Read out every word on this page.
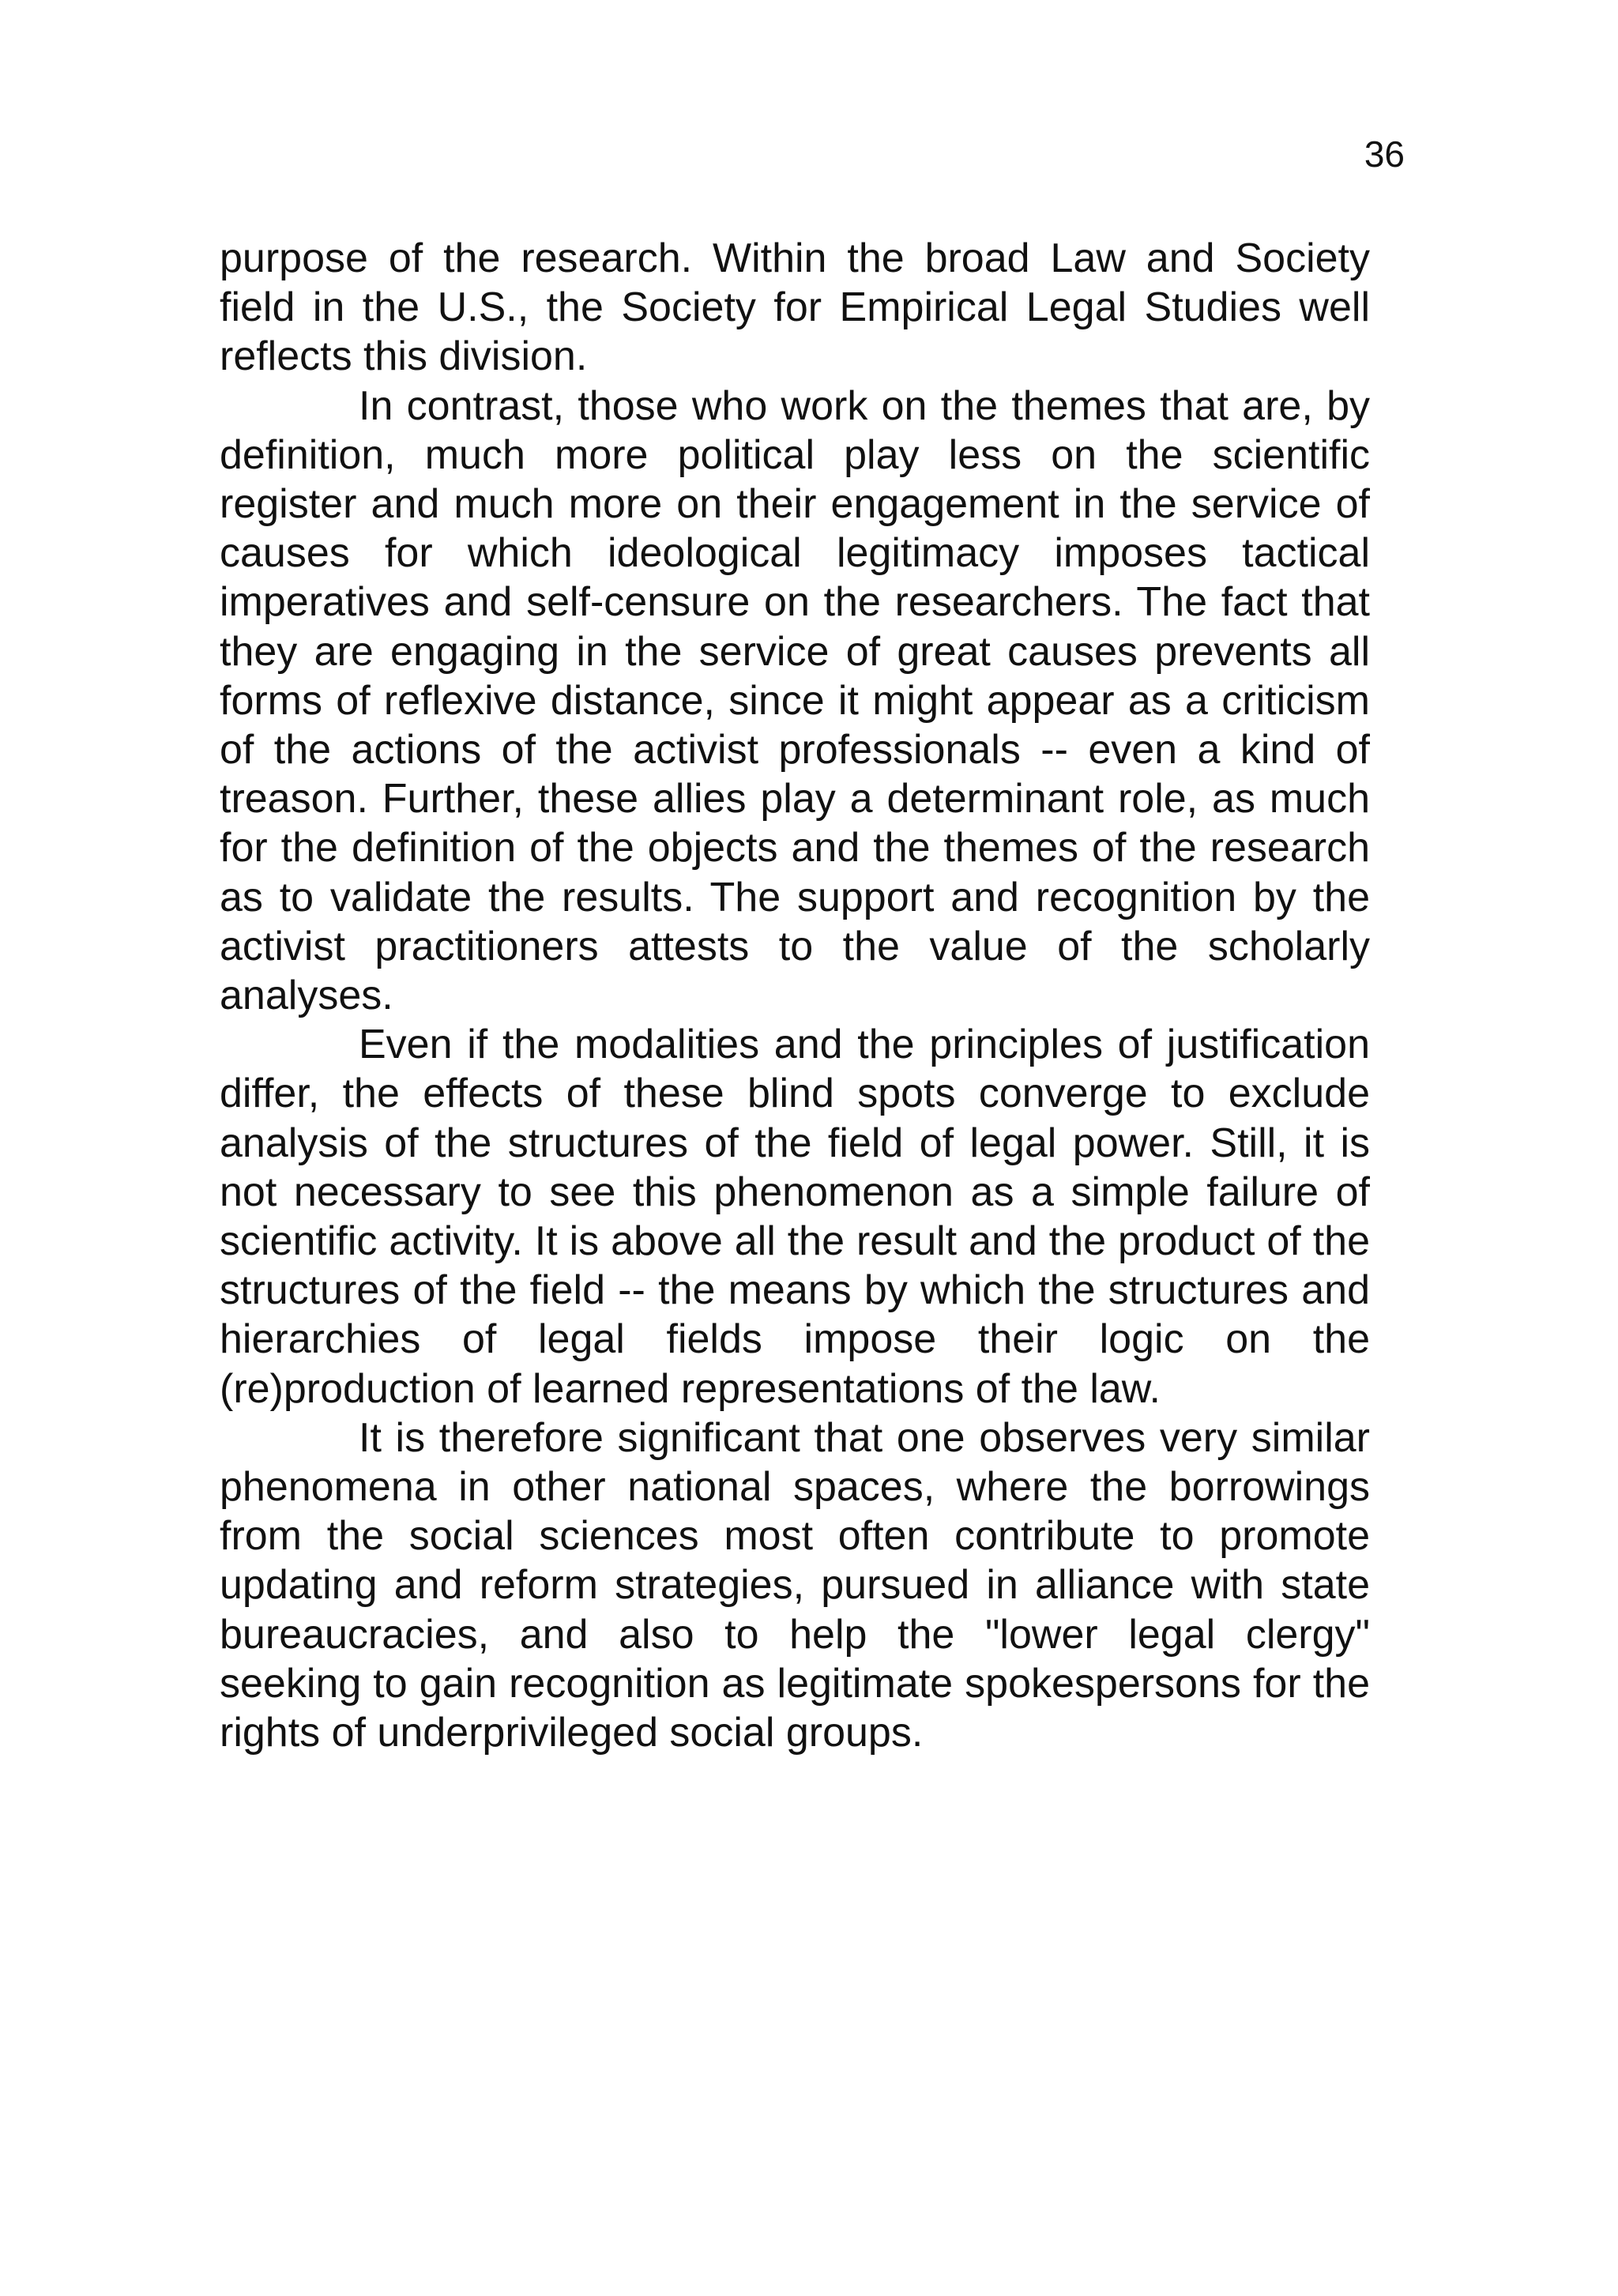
36

purpose of the research. Within the broad Law and Society field in the U.S., the Society for Empirical Legal Studies well reflects this division.

In contrast, those who work on the themes that are, by definition, much more political play less on the scientific register and much more on their engagement in the service of causes for which ideological legitimacy imposes tactical imperatives and self-censure on the researchers. The fact that they are engaging in the service of great causes prevents all forms of reflexive distance, since it might appear as a criticism of the actions of the activist professionals -- even a kind of treason. Further, these allies play a determinant role, as much for the definition of the objects and the themes of the research as to validate the results. The support and recognition by the activist practitioners attests to the value of the scholarly analyses.

Even if the modalities and the principles of justification differ, the effects of these blind spots converge to exclude analysis of the structures of the field of legal power. Still, it is not necessary to see this phenomenon as a simple failure of scientific activity. It is above all the result and the product of the structures of the field -- the means by which the structures and hierarchies of legal fields impose their logic on the (re)production of learned representations of the law.

It is therefore significant that one observes very similar phenomena in other national spaces, where the borrowings from the social sciences most often contribute to promote updating and reform strategies, pursued in alliance with state bureaucracies, and also to help the "lower legal clergy" seeking to gain recognition as legitimate spokespersons for the rights of underprivileged social groups.
